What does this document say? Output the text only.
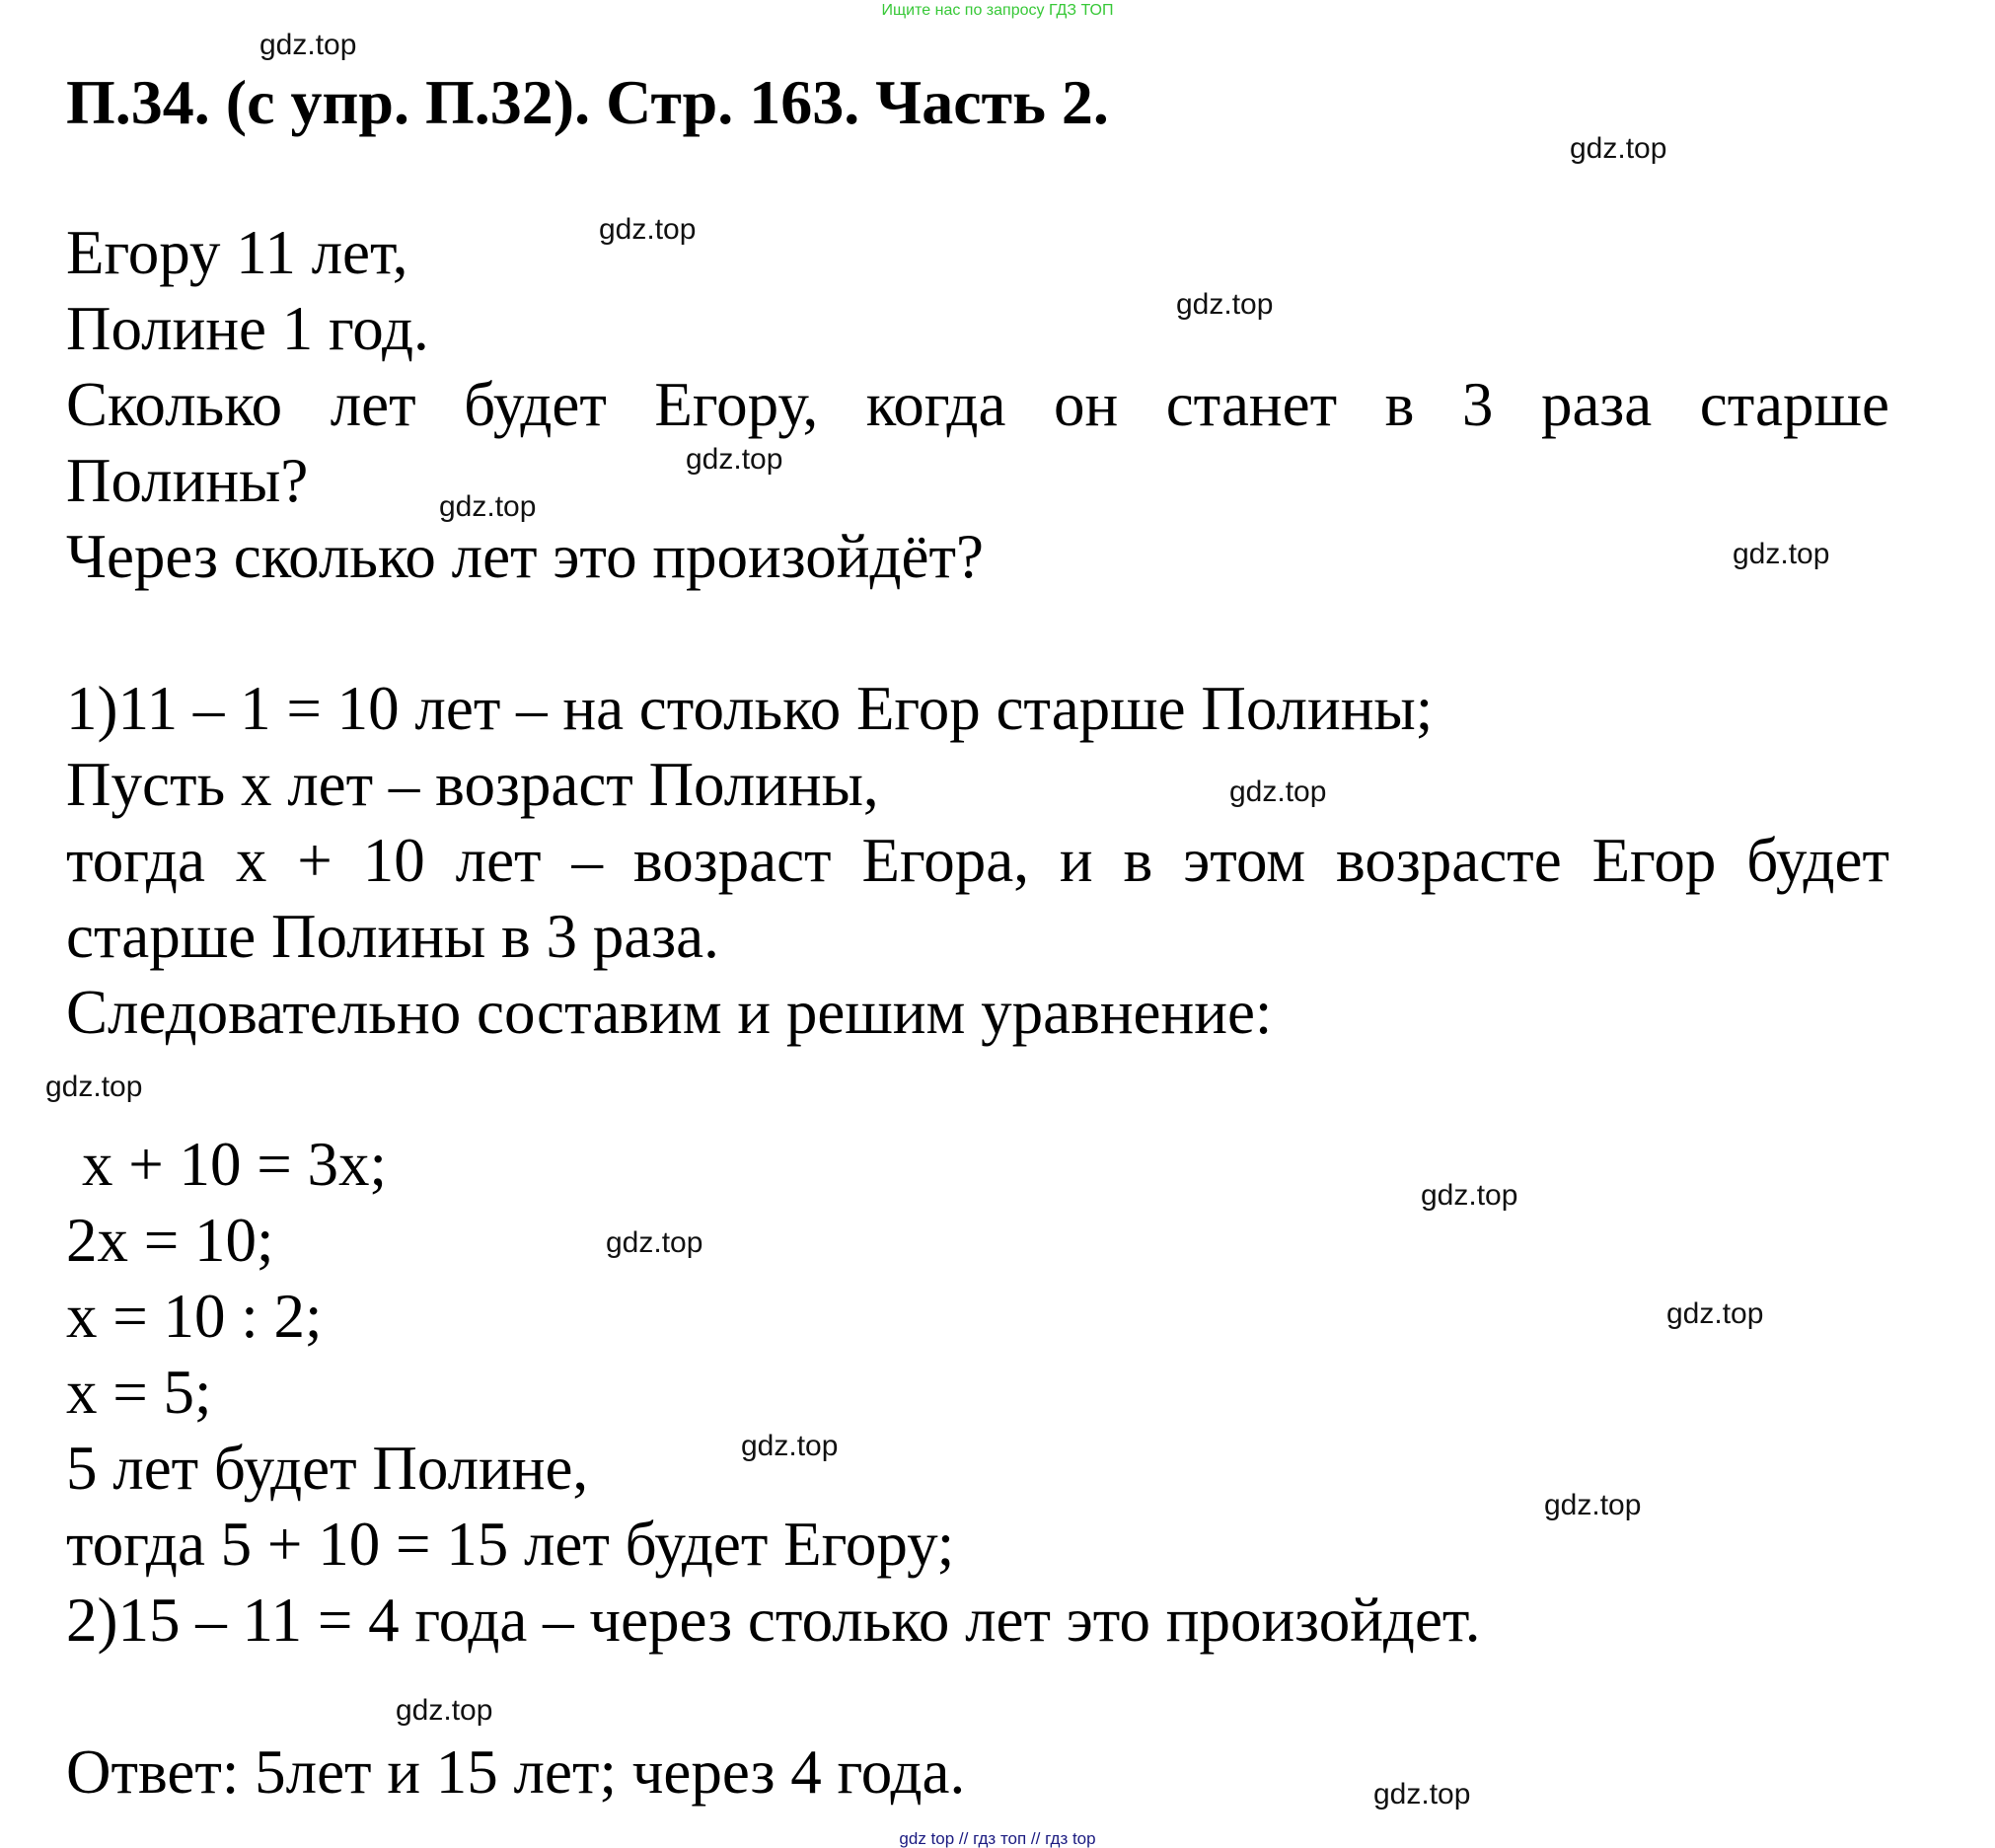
Ищите нас по запросу ГДЗ ТОП
П.34. (с упр. П.32). Стр. 163. Часть 2.
Егору 11 лет,
Полине 1 год.
Сколько лет будет Егору, когда он станет в 3 раза старше
Полины?
Через сколько лет это произойдёт?
1)11 – 1 = 10 лет – на столько Егор старше Полины;
Пусть х лет – возраст Полины,
тогда х + 10 лет – возраст Егора, и в этом возрасте Егор будет
старше Полины в 3 раза.
Следовательно составим и решим уравнение:
х + 10 = 3х;
2х = 10;
х = 10 : 2;
х = 5;
5 лет будет Полине,
тогда 5 + 10 = 15 лет будет Егору;
2)15 – 11 = 4 года – через столько лет это произойдет.
Ответ: 5лет и 15 лет; через 4 года.
gdz.top
gdz.top
gdz.top
gdz.top
gdz.top
gdz.top
gdz.top
gdz.top
gdz.top
gdz.top
gdz.top
gdz.top
gdz.top
gdz.top
gdz.top
gdz.top
gdz top // гдз топ // гдз top
